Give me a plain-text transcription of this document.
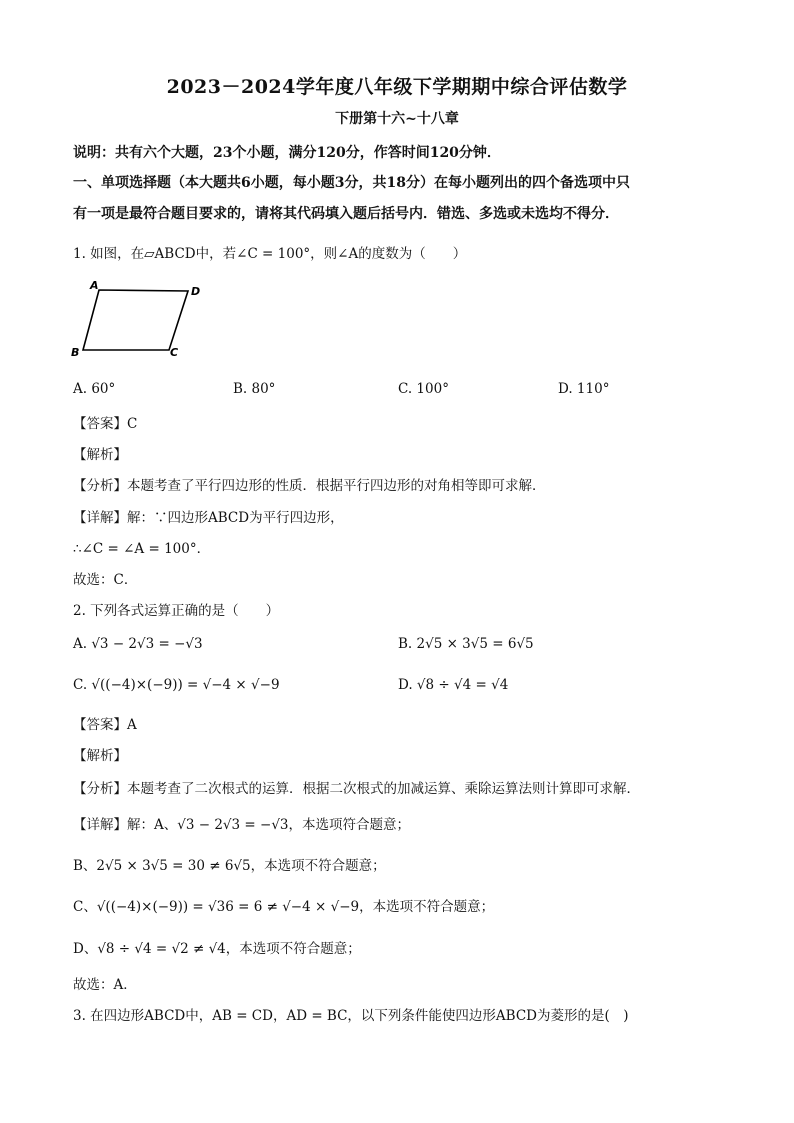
2023－2024学年度八年级下学期期中综合评估数学
下册第十六~十八章
说明：共有六个大题，23个小题，满分120分，作答时间120分钟．
一、单项选择题（本大题共6小题，每小题3分，共18分）在每小题列出的四个备选项中只
有一项是最符合题目要求的，请将其代码填入题后括号内．错选、多选或未选均不得分．
1. 如图，在▱ABCD中，若∠C = 100°，则∠A的度数为（　　）
A	D
B	C
A. 60°	B. 80°	C. 100°	D. 110°
【答案】C
【解析】
【分析】本题考查了平行四边形的性质．根据平行四边形的对角相等即可求解．
【详解】解：∵四边形ABCD为平行四边形，
∴∠C = ∠A = 100°．
故选：C．
2. 下列各式运算正确的是（　　）
A. √3 − 2√3 = −√3	B. 2√5 × 3√5 = 6√5
C. √((−4)×(−9)) = √−4 × √−9	D. √8 ÷ √4 = √4
【答案】A
【解析】
【分析】本题考查了二次根式的运算．根据二次根式的加减运算、乘除运算法则计算即可求解．
【详解】解：A、√3 − 2√3 = −√3，本选项符合题意；
B、2√5 × 3√5 = 30 ≠ 6√5，本选项不符合题意；
C、√((−4)×(−9)) = √36 = 6 ≠ √−4 × √−9，本选项不符合题意；
D、√8 ÷ √4 = √2 ≠ √4，本选项不符合题意；
故选：A．
3. 在四边形ABCD中，AB = CD，AD = BC，以下列条件能使四边形ABCD为菱形的是(　)
